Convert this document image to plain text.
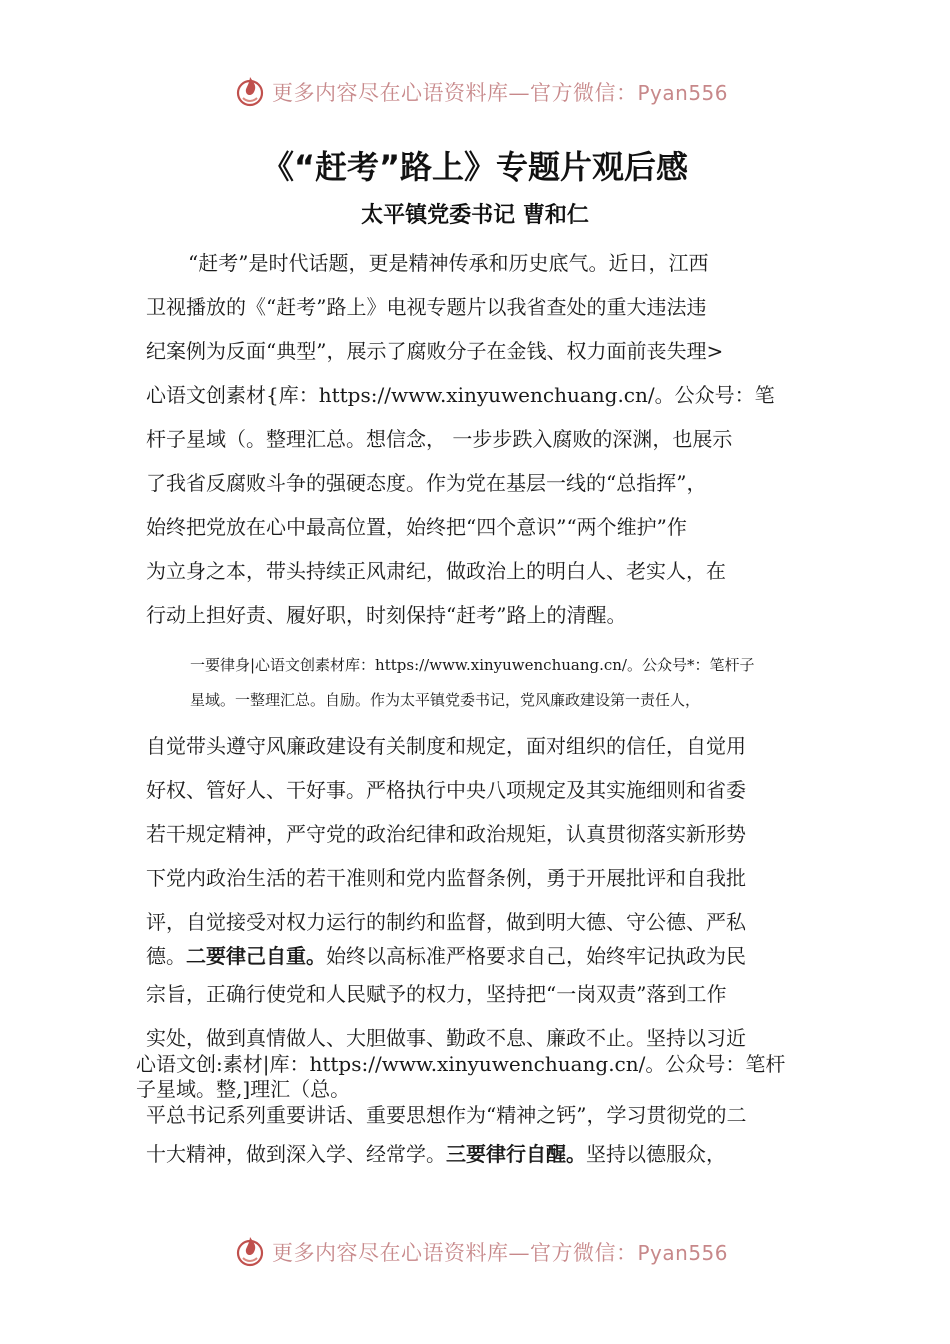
更多内容尽在心语资料库—官方微信：Pyan556
《“赶考”路上》专题片观后感
太平镇党委书记 曹和仁
“赶考”是时代话题，更是精神传承和历史底气。近日，江西
卫视播放的《“赶考”路上》电视专题片以我省查处的重大违法违
纪案例为反面“典型”，展示了腐败分子在金钱、权力面前丧失理>
心语文创素材{库：https://www.xinyuwenchuang.cn/。公众号：笔
杆子星域（。整理汇总。想信念， 一步步跌入腐败的深渊，也展示
了我省反腐败斗争的强硬态度。作为党在基层一线的“总指挥”，
始终把党放在心中最高位置，始终把“四个意识”“两个维护”作
为立身之本，带头持续正风肃纪，做政治上的明白人、老实人，在
行动上担好责、履好职，时刻保持“赶考”路上的清醒。
一要律身|心语文创素材库：https://www.xinyuwenchuang.cn/。公众号*：笔杆子
星域。一整理汇总。自励。作为太平镇党委书记，党风廉政建设第一责任人，
自觉带头遵守风廉政建设有关制度和规定，面对组织的信任，自觉用
好权、管好人、干好事。严格执行中央八项规定及其实施细则和省委
若干规定精神，严守党的政治纪律和政治规矩，认真贯彻落实新形势
下党内政治生活的若干准则和党内监督条例，勇于开展批评和自我批
评，自觉接受对权力运行的制约和监督，做到明大德、守公德、严私
德。二要律己自重。始终以高标准严格要求自己，始终牢记执政为民
宗旨，正确行使党和人民赋予的权力，坚持把“一岗双责”落到工作
实处，做到真情做人、大胆做事、勤政不息、廉政不止。坚持以习近
心语文创:素材|库：https://www.xinyuwenchuang.cn/。公众号：笔杆
子星域。整,]理汇（总。
平总书记系列重要讲话、重要思想作为“精神之钙”，学习贯彻党的二
十大精神，做到深入学、经常学。三要律行自醒。坚持以德服众，
更多内容尽在心语资料库—官方微信：Pyan556
